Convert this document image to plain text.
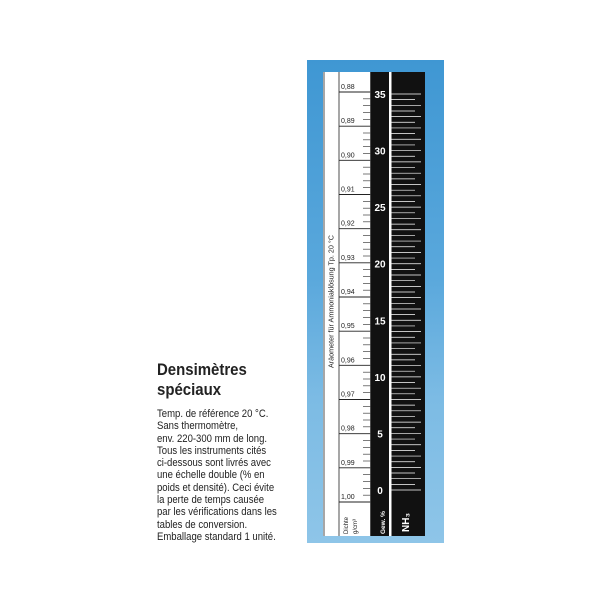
Densimètres
spéciaux
Temp. de référence 20 °C.
Sans thermomètre,
env. 220-300 mm de long.
Tous les instruments cités
ci-dessous sont livrés avec
une échelle double (% en
poids et densité). Ceci évite
la perte de temps causée
par les vérifications dans les
tables de conversion.
Emballage standard 1 unité.
0,88
0,89
0,90
0,91
0,92
0,93
0,94
0,95
0,96
0,97
0,98
0,99
1,00
35
30
25
20
15
10
5
0
Aräometer für Ammoniaklösung Tp. 20 °C
Dichte g/cm³	Gew. % NH₃
